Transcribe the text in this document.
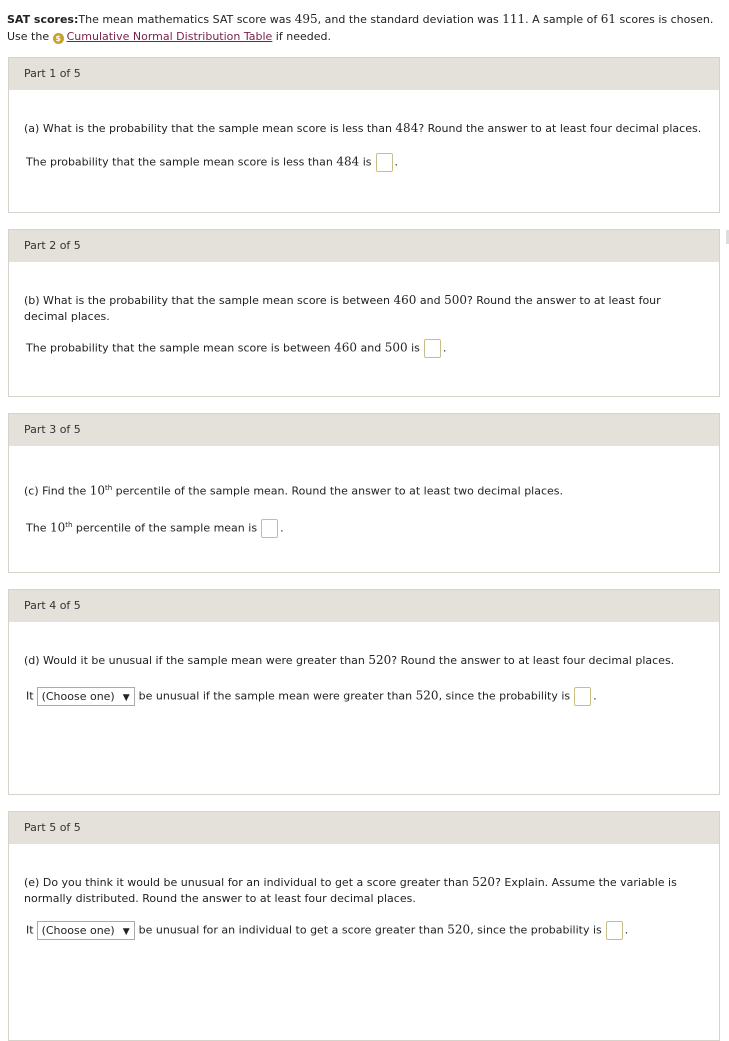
SAT scores:The mean mathematics SAT score was 495, and the standard deviation was 111. A sample of 61 scores is chosen.
Use the $ Cumulative Normal Distribution Table if needed.
Part 1 of 5
(a) What is the probability that the sample mean score is less than 484? Round the answer to at least four decimal places.
The probability that the sample mean score is less than 484 is .
Part 2 of 5
(b) What is the probability that the sample mean score is between 460 and 500? Round the answer to at least four decimal places.
The probability that the sample mean score is between 460 and 500 is .
Part 3 of 5
(c) Find the 10th percentile of the sample mean. Round the answer to at least two decimal places.
The 10th percentile of the sample mean is .
Part 4 of 5
(d) Would it be unusual if the sample mean were greater than 520? Round the answer to at least four decimal places.
It (Choose one) ▼ be unusual if the sample mean were greater than 520, since the probability is .
Part 5 of 5
(e) Do you think it would be unusual for an individual to get a score greater than 520? Explain. Assume the variable is normally distributed. Round the answer to at least four decimal places.
It (Choose one) ▼ be unusual for an individual to get a score greater than 520, since the probability is .
